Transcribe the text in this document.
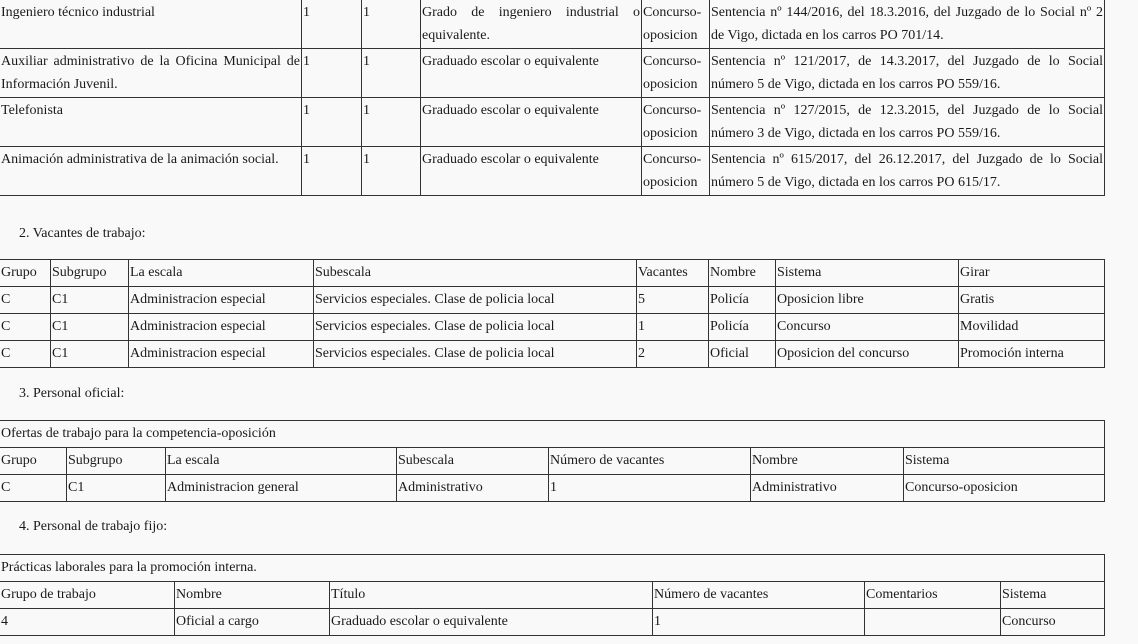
Ingeniero técnico industrial	1	1	Grado de ingeniero industrial o equivalente.	Concurso-oposicion	Sentencia nº 144/2016, del 18.3.2016, del Juzgado de lo Social nº 2 de Vigo, dictada en los carros PO 701/14.
Auxiliar administrativo de la Oficina Municipal de Información Juvenil.	1	1	Graduado escolar o equivalente	Concurso-oposicion	Sentencia nº 121/2017, de 14.3.2017, del Juzgado de lo Social número 5 de Vigo, dictada en los carros PO 559/16.
Telefonista	1	1	Graduado escolar o equivalente	Concurso-oposicion	Sentencia nº 127/2015, de 12.3.2015, del Juzgado de lo Social número 3 de Vigo, dictada en los carros PO 559/16.
Animación administrativa de la animación social.	1	1	Graduado escolar o equivalente	Concurso-oposicion	Sentencia nº 615/2017, del 26.12.2017, del Juzgado de lo Social número 5 de Vigo, dictada en los carros PO 615/17.

2. Vacantes de trabajo:

Grupo	Subgrupo	La escala	Subescala	Vacantes	Nombre	Sistema	Girar
C	C1	Administracion especial	Servicios especiales. Clase de policia local	5	Policía	Oposicion libre	Gratis
C	C1	Administracion especial	Servicios especiales. Clase de policia local	1	Policía	Concurso	Movilidad
C	C1	Administracion especial	Servicios especiales. Clase de policia local	2	Oficial	Oposicion del concurso	Promoción interna

3. Personal oficial:

Ofertas de trabajo para la competencia-oposición						
Grupo	Subgrupo	La escala	Subescala	Número de vacantes	Nombre	Sistema
C	C1	Administracion general	Administrativo	1	Administrativo	Concurso-oposicion

4. Personal de trabajo fijo:

Prácticas laborales para la promoción interna.					
Grupo de trabajo	Nombre	Título	Número de vacantes	Comentarios	Sistema
4	Oficial a cargo	Graduado escolar o equivalente	1		Concurso
